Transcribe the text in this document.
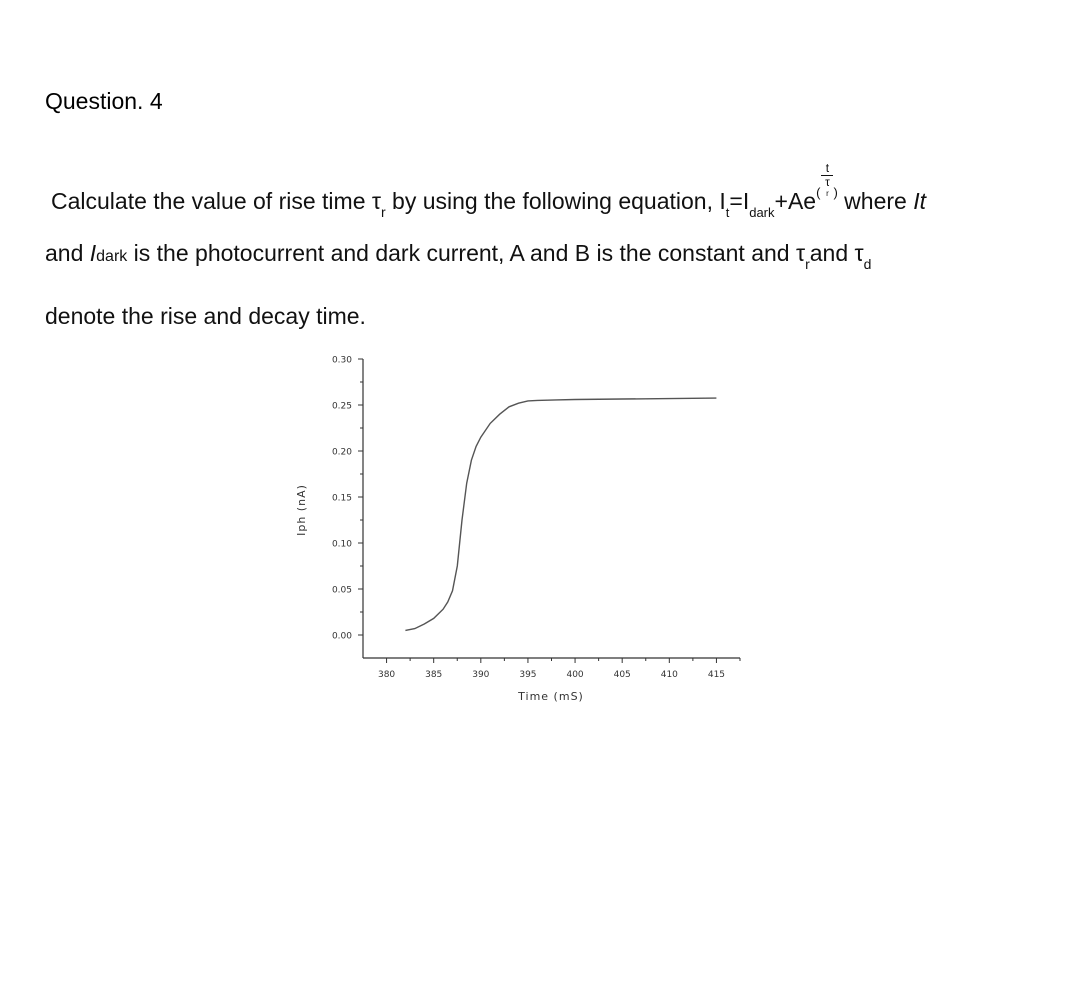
Question. 4
Calculate the value of rise time $\tau_r$ by using the following equation, $I_t=I_{dark}+Ae^($ t
τ
r ) where It
and Idark is the photocurrent and dark current, A and B is the constant and $\tau_rand$ $\tau_d$
denote the rise and decay time.
0.00
0.05
0.10
0.15
0.20
0.25
0.30
380	385	390	395	400	405	410	415
Time (mS)
Iph (nA)
